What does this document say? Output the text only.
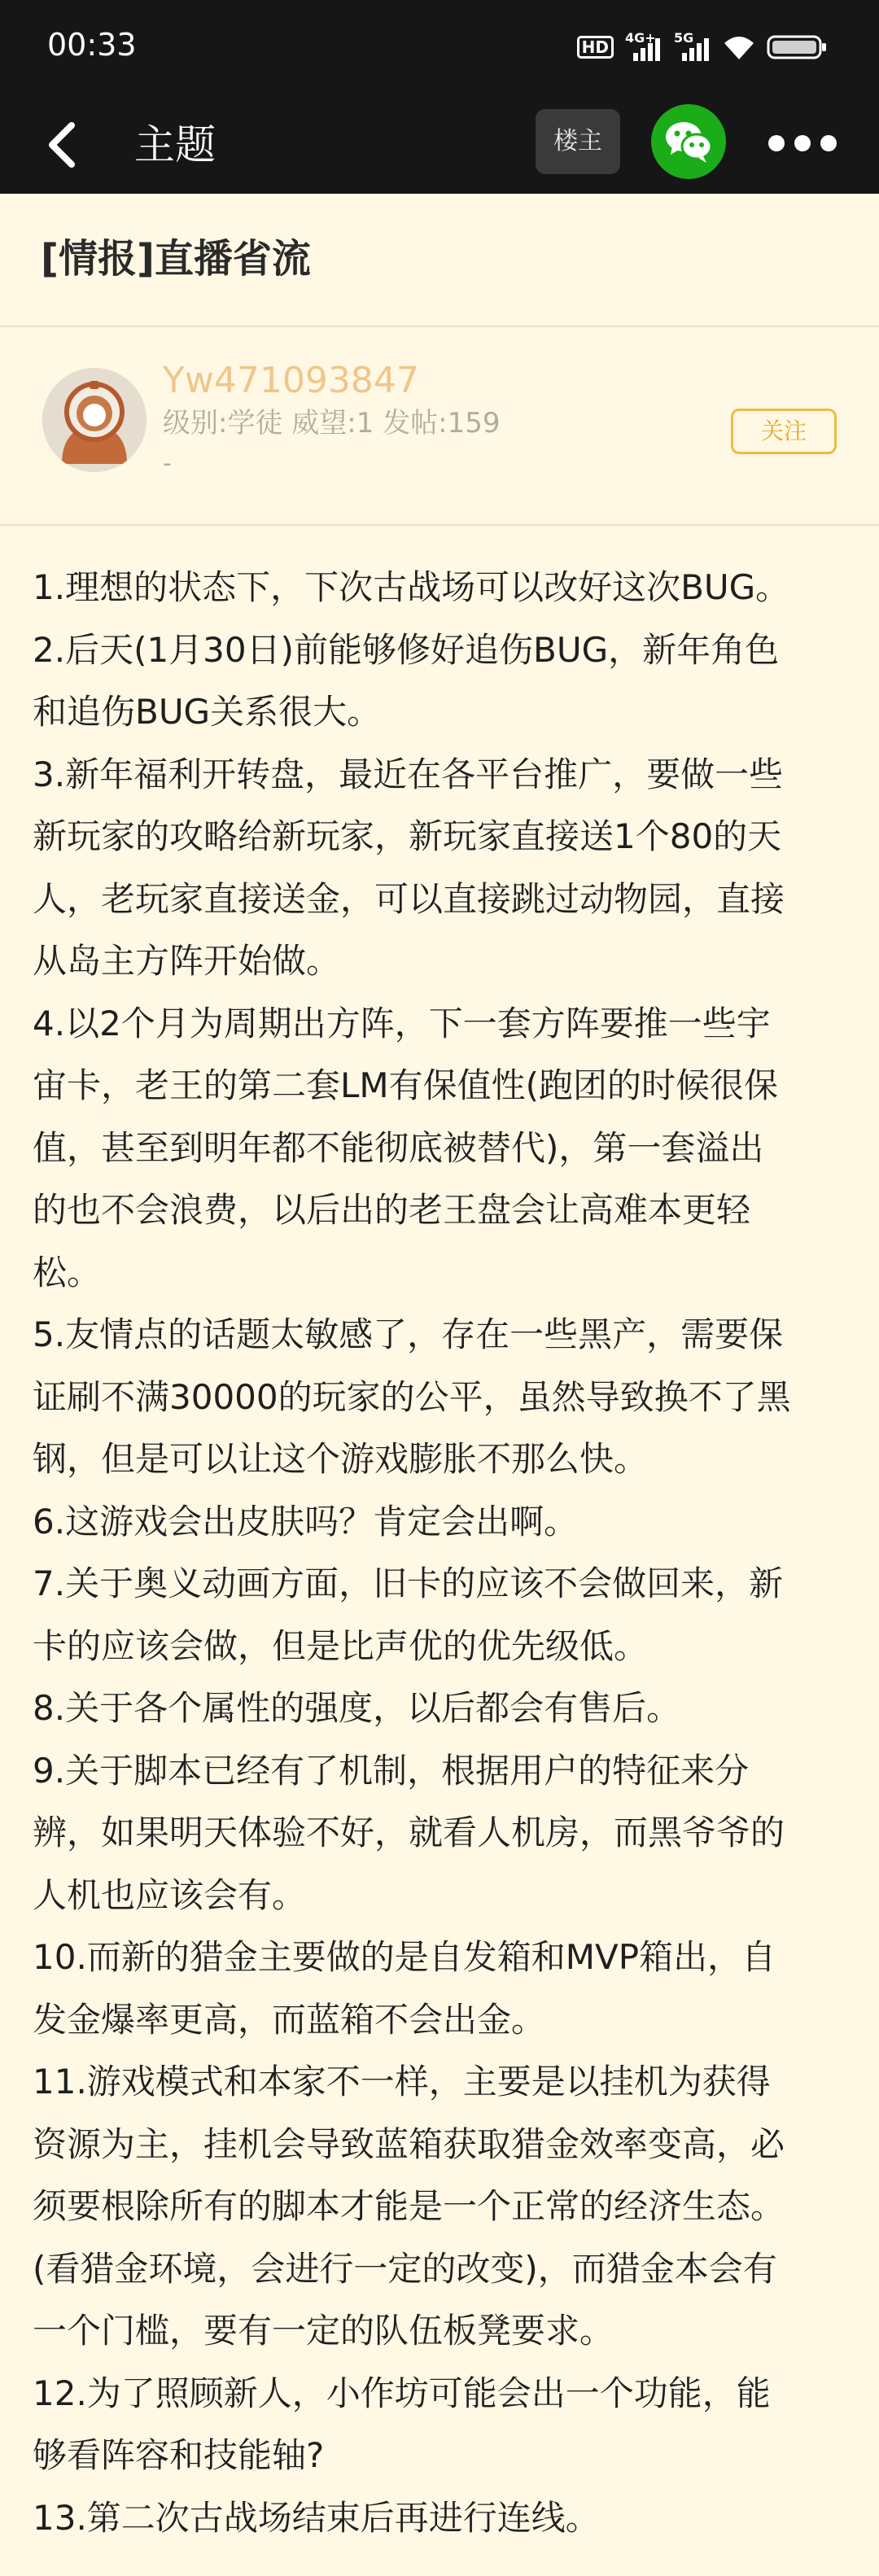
00:33	HD	4G+ 5G
主题	楼主
[情报]直播省流
Yw471093847
级别:学徒 威望:1 发帖:159
-
关注

1.理想的状态下，下次古战场可以改好这次BUG。

2.后天(1月30日)前能够修好追伤BUG，新年角色

和追伤BUG关系很大。

3.新年福利开转盘，最近在各平台推广，要做一些

新玩家的攻略给新玩家，新玩家直接送1个80的天

人，老玩家直接送金，可以直接跳过动物园，直接

从岛主方阵开始做。

4.以2个月为周期出方阵，下一套方阵要推一些宇

宙卡，老王的第二套LM有保值性(跑团的时候很保

值，甚至到明年都不能彻底被替代)，第一套溢出

的也不会浪费，以后出的老王盘会让高难本更轻

松。

5.友情点的话题太敏感了，存在一些黑产，需要保

证刷不满30000的玩家的公平，虽然导致换不了黑

钢，但是可以让这个游戏膨胀不那么快。

6.这游戏会出皮肤吗？肯定会出啊。

7.关于奥义动画方面，旧卡的应该不会做回来，新

卡的应该会做，但是比声优的优先级低。

8.关于各个属性的强度，以后都会有售后。

9.关于脚本已经有了机制，根据用户的特征来分

辨，如果明天体验不好，就看人机房，而黑爷爷的

人机也应该会有。

10.而新的猎金主要做的是自发箱和MVP箱出，自

发金爆率更高，而蓝箱不会出金。

11.游戏模式和本家不一样，主要是以挂机为获得

资源为主，挂机会导致蓝箱获取猎金效率变高，必

须要根除所有的脚本才能是一个正常的经济生态。

(看猎金环境，会进行一定的改变)，而猎金本会有

一个门槛，要有一定的队伍板凳要求。

12.为了照顾新人，小作坊可能会出一个功能，能

够看阵容和技能轴?

13.第二次古战场结束后再进行连线。
